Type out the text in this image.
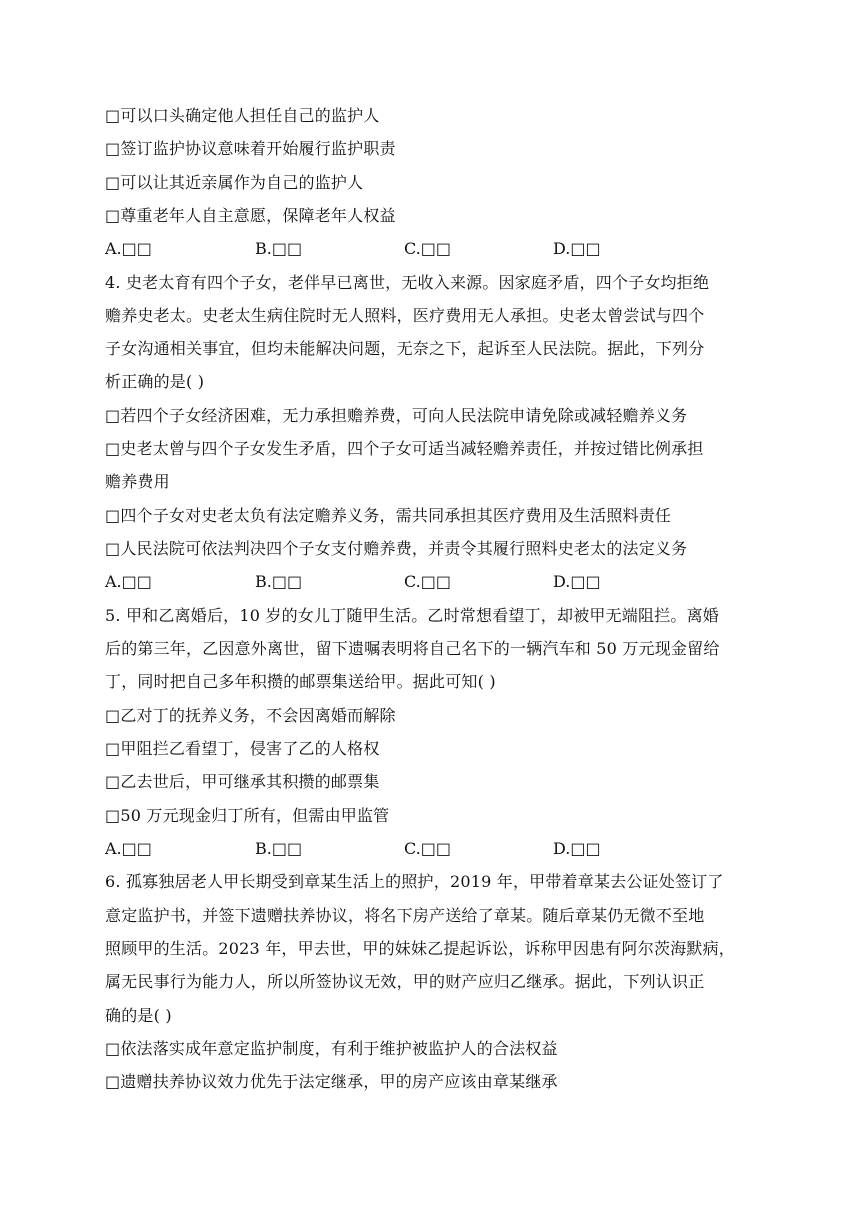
□可以口头确定他人担任自己的监护人
□签订监护协议意味着开始履行监护职责
□可以让其近亲属作为自己的监护人
□尊重老年人自主意愿，保障老年人权益
A.□□	B.□□	C.□□	D.□□
4. 史老太育有四个子女，老伴早已离世，无收入来源。因家庭矛盾，四个子女均拒绝
赡养史老太。史老太生病住院时无人照料，医疗费用无人承担。史老太曾尝试与四个
子女沟通相关事宜，但均未能解决问题，无奈之下，起诉至人民法院。据此，下列分
析正确的是( )
□若四个子女经济困难，无力承担赡养费，可向人民法院申请免除或减轻赡养义务
□史老太曾与四个子女发生矛盾，四个子女可适当减轻赡养责任，并按过错比例承担
赡养费用
□四个子女对史老太负有法定赡养义务，需共同承担其医疗费用及生活照料责任
□人民法院可依法判决四个子女支付赡养费，并责令其履行照料史老太的法定义务
A.□□	B.□□	C.□□	D.□□
5. 甲和乙离婚后，10 岁的女儿丁随甲生活。乙时常想看望丁，却被甲无端阻拦。离婚
后的第三年，乙因意外离世，留下遗嘱表明将自己名下的一辆汽车和 50 万元现金留给
丁，同时把自己多年积攒的邮票集送给甲。据此可知( )
□乙对丁的抚养义务，不会因离婚而解除
□甲阻拦乙看望丁，侵害了乙的人格权
□乙去世后，甲可继承其积攒的邮票集
□50 万元现金归丁所有，但需由甲监管
A.□□	B.□□	C.□□	D.□□
6. 孤寡独居老人甲长期受到章某生活上的照护，2019 年，甲带着章某去公证处签订了
意定监护书，并签下遗赠扶养协议，将名下房产送给了章某。随后章某仍无微不至地
照顾甲的生活。2023 年，甲去世，甲的妹妹乙提起诉讼，诉称甲因患有阿尔茨海默病，
属无民事行为能力人，所以所签协议无效，甲的财产应归乙继承。据此，下列认识正
确的是( )
□依法落实成年意定监护制度，有利于维护被监护人的合法权益
□遗赠扶养协议效力优先于法定继承，甲的房产应该由章某继承
